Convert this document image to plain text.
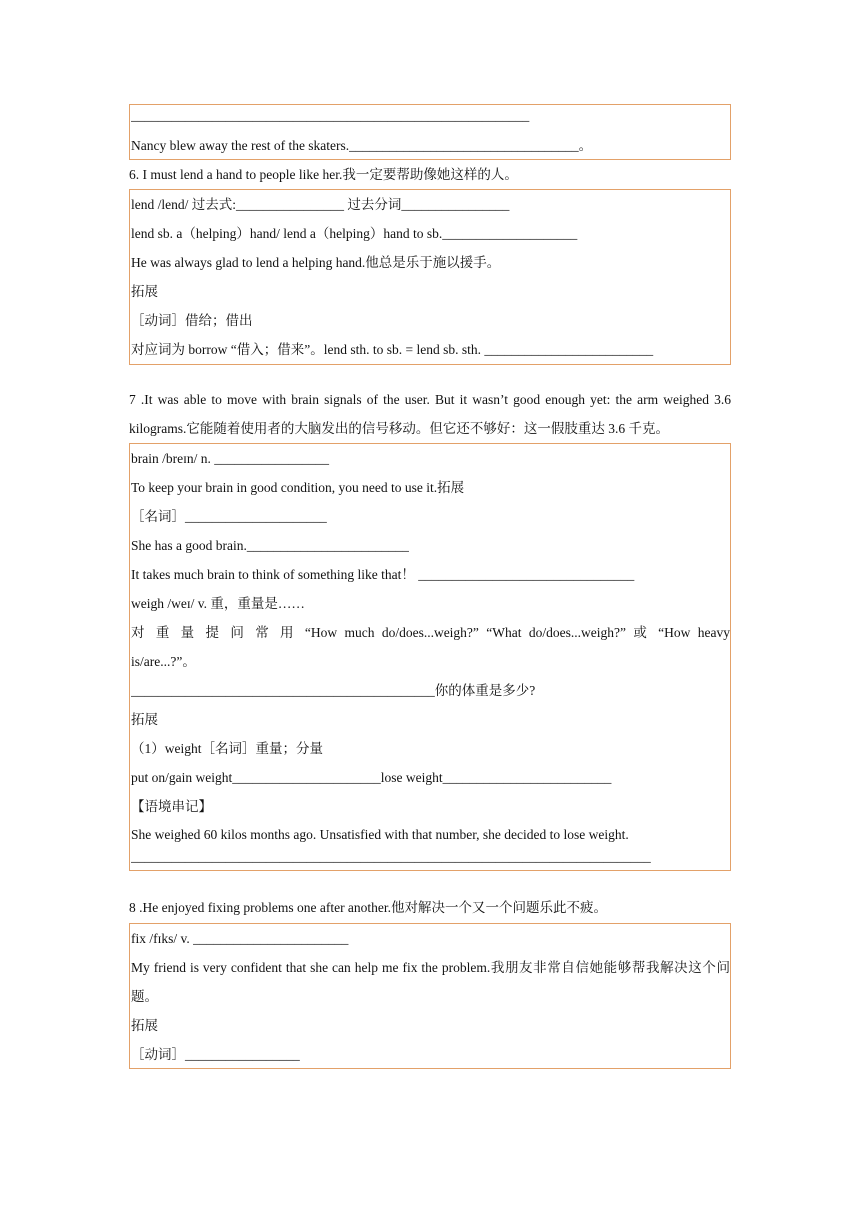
___________________________________________________________
Nancy blew away the rest of the skaters.__________________________________。
6. I must lend a hand to people like her.我一定要帮助像她这样的人。
lend /lend/ 过去式:________________ 过去分词________________
lend sb. a（helping）hand/ lend a（helping）hand to sb.____________________
He was always glad to lend a helping hand.他总是乐于施以援手。
拓展
［动词］借给；借出
对应词为 borrow “借入；借来”。lend sth. to sb. = lend sb. sth. _________________________
7 .It was able to move with brain signals of the user. But it wasn’t good enough yet: the arm weighed 3.6 kilograms.它能随着使用者的大脑发出的信号移动。但它还不够好：这一假肢重达 3.6 千克。
brain /breɪn/ n. _________________
To keep your brain in good condition, you need to use it.拓展
［名词］_____________________
She has a good brain.________________________
It takes much brain to think of something like that！ ________________________________
weigh /weɪ/ v. 重，重量是……
对 重 量 提 问 常 用 “How much do/does...weigh?” “What do/does...weigh?” 或 “How heavy
is/are...?”。
_____________________________________________你的体重是多少?
拓展
（1）weight［名词］重量；分量
put on/gain weight______________________lose weight_________________________
【语境串记】
She weighed 60 kilos months ago. Unsatisfied with that number, she decided to lose weight.
_____________________________________________________________________________
8 .He enjoyed fixing problems one after another.他对解决一个又一个问题乐此不疲。
fix /fɪks/ v. _______________________
My friend is very confident that she can help me fix the problem.我朋友非常自信她能够帮我解决这个问题。
拓展
［动词］_________________
